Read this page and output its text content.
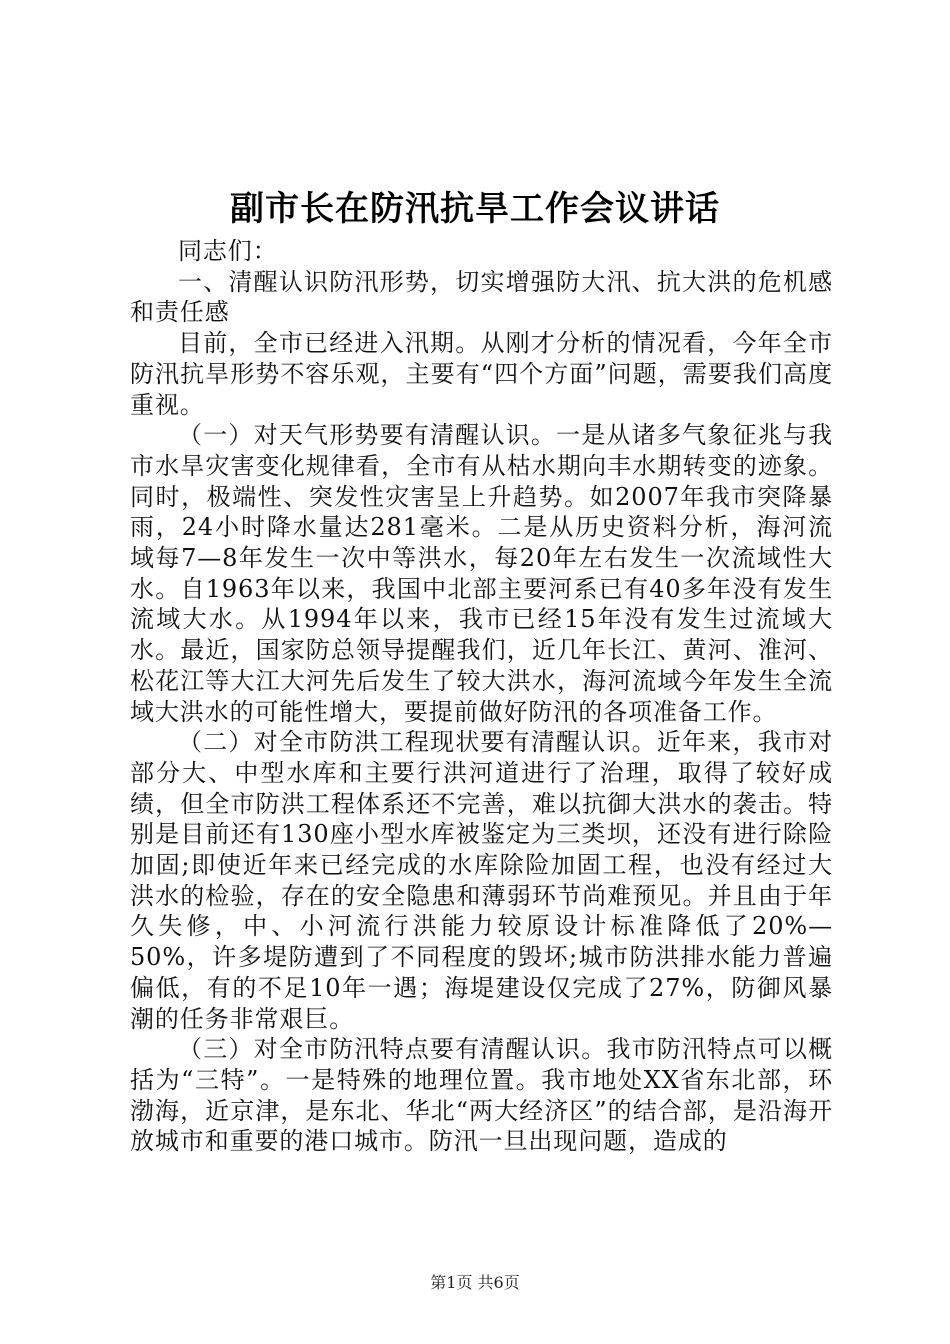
副市长在防汛抗旱工作会议讲话

同志们：

一、清醒认识防汛形势，切实增强防大汛、抗大洪的危机感和责任感

目前，全市已经进入汛期。从刚才分析的情况看，今年全市防汛抗旱形势不容乐观，主要有“四个方面”问题，需要我们高度重视。

（一）对天气形势要有清醒认识。一是从诸多气象征兆与我市水旱灾害变化规律看，全市有从枯水期向丰水期转变的迹象。同时，极端性、突发性灾害呈上升趋势。如2007年我市突降暴雨，24小时降水量达281毫米。二是从历史资料分析，海河流域每7—8年发生一次中等洪水，每20年左右发生一次流域性大水。自1963年以来，我国中北部主要河系已有40多年没有发生流域大水。从1994年以来，我市已经15年没有发生过流域大水。最近，国家防总领导提醒我们，近几年长江、黄河、淮河、松花江等大江大河先后发生了较大洪水，海河流域今年发生全流域大洪水的可能性增大，要提前做好防汛的各项准备工作。

（二）对全市防洪工程现状要有清醒认识。近年来，我市对部分大、中型水库和主要行洪河道进行了治理，取得了较好成绩，但全市防洪工程体系还不完善，难以抗御大洪水的袭击。特别是目前还有130座小型水库被鉴定为三类坝，还没有进行除险加固;即使近年来已经完成的水库除险加固工程，也没有经过大洪水的检验，存在的安全隐患和薄弱环节尚难预见。并且由于年久失修，中、小河流行洪能力较原设计标准降低了20%—50%，许多堤防遭到了不同程度的毁坏;城市防洪排水能力普遍偏低，有的不足10年一遇；海堤建设仅完成了27%，防御风暴潮的任务非常艰巨。

（三）对全市防汛特点要有清醒认识。我市防汛特点可以概括为“三特”。一是特殊的地理位置。我市地处XX省东北部，环渤海，近京津，是东北、华北“两大经济区”的结合部，是沿海开放城市和重要的港口城市。防汛一旦出现问题，造成的

第1页 共6页
